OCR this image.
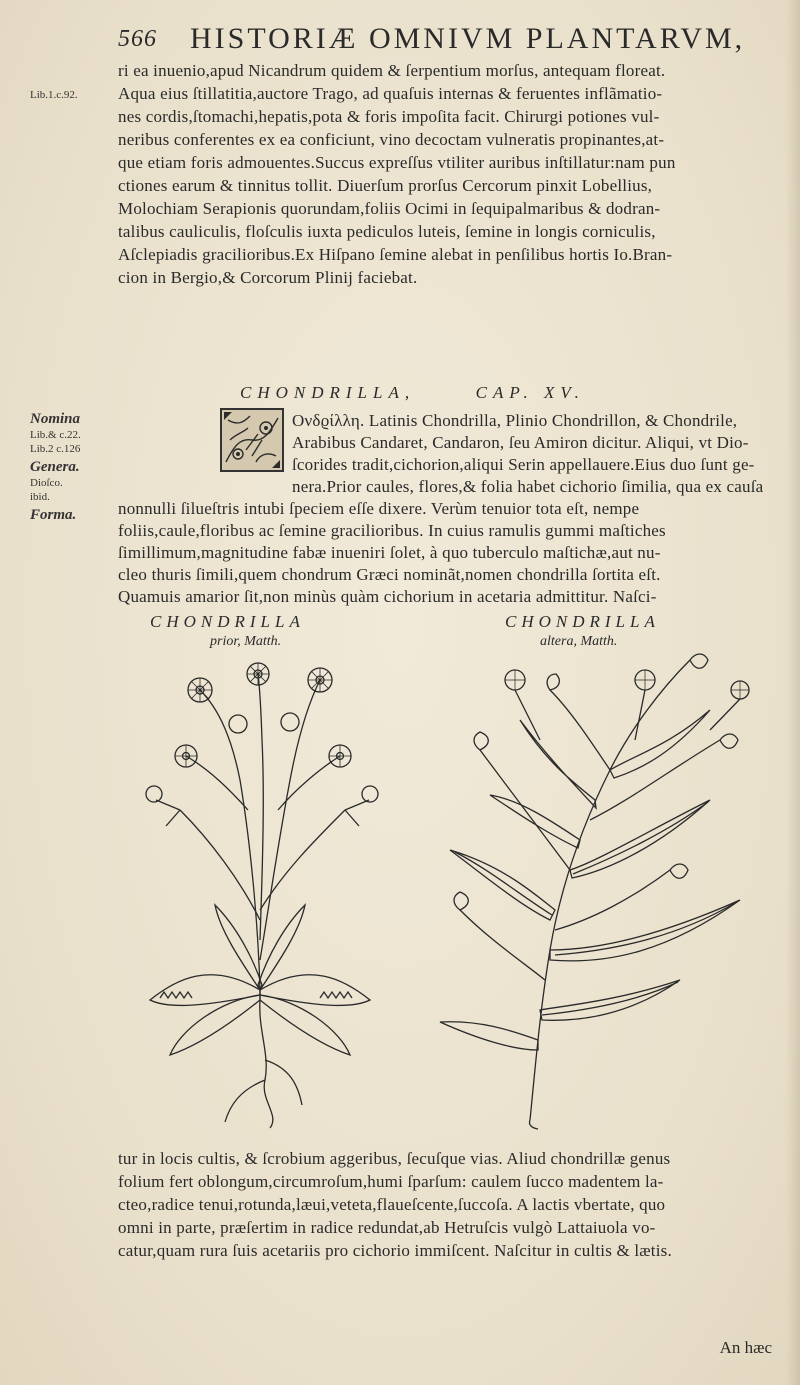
566 HISTORIÆ OMNIVM PLANTARVM,
ri ea inuenio,apud Nicandrum quidem & ſerpentium morſus, antequam floreat.
Aqua eius ſtillatitia,auctore Trago, ad quaſuis internas & feruentes inflãmatio-
nes cordis,ſtomachi,hepatis,pota & foris impoſita facit. Chirurgi potiones vul-
neribus conferentes ex ea conficiunt, vino decoctam vulneratis propinantes,at-
que etiam foris admouentes.Succus expreſſus vtiliter auribus inſtillatur:nam pun
ctiones earum & tinnitus tollit. Diuerſum prorſus Cercorum pinxit Lobellius,
Molochiam Serapionis quorundam,foliis Ocimi in ſequipalmaribus & dodran-
talibus cauliculis, floſculis iuxta pediculos luteis, ſemine in longis corniculis,
Aſclepiadis gracilioribus.Ex Hiſpano ſemine alebat in penſilibus hortis Io.Bran-
cion in Bergio,& Corcorum Plinij faciebat.
Lib.1.c.92.
CHONDRILLA,	CAP. XV.
Ονδϱίλλη. Latinis Chondrilla, Plinio Chondrillon, & Chondrile,
Arabibus Candaret, Candaron, ſeu Amiron dicitur. Aliqui, vt Dio-
ſcorides tradit,cichorion,aliqui Serin appellauere.Eius duo ſunt ge-
nera.Prior caules, flores,& folia habet cichorio ſimilia, qua ex cauſa
nonnulli ſilueſtris intubi ſpeciem eſſe dixere. Verùm tenuior tota eſt, nempe
foliis,caule,floribus ac ſemine gracilioribus. In cuius ramulis gummi maſtiches
ſimillimum,magnitudine fabæ inueniri ſolet, à quo tuberculo maſtichæ,aut nu-
cleo thuris ſimili,quem chondrum Græci nominãt,nomen chondrilla ſortita eſt.
Quamuis amarior ſit,non minùs quàm cichorium in acetaria admittitur. Naſci-
Nomina
Lib.& c.22.
Lib.2 c.126
Genera.
Dioſco.
ibid.
Forma.
CHONDRILLA
prior, Matth.
CHONDRILLA
altera, Matth.
tur in locis cultis, & ſcrobium aggeribus, ſecuſque vias. Aliud chondrillæ genus
folium fert oblongum,circumroſum,humi ſparſum: caulem ſucco madentem la-
cteo,radice tenui,rotunda,læui,veteta,flaueſcente,ſuccoſa. A lactis vbertate, quo
omni in parte, præſertim in radice redundat,ab Hetruſcis vulgò Lattaiuola vo-
catur,quam rura ſuis acetariis pro cichorio immiſcent. Naſcitur in cultis & lætis.
An hæc
